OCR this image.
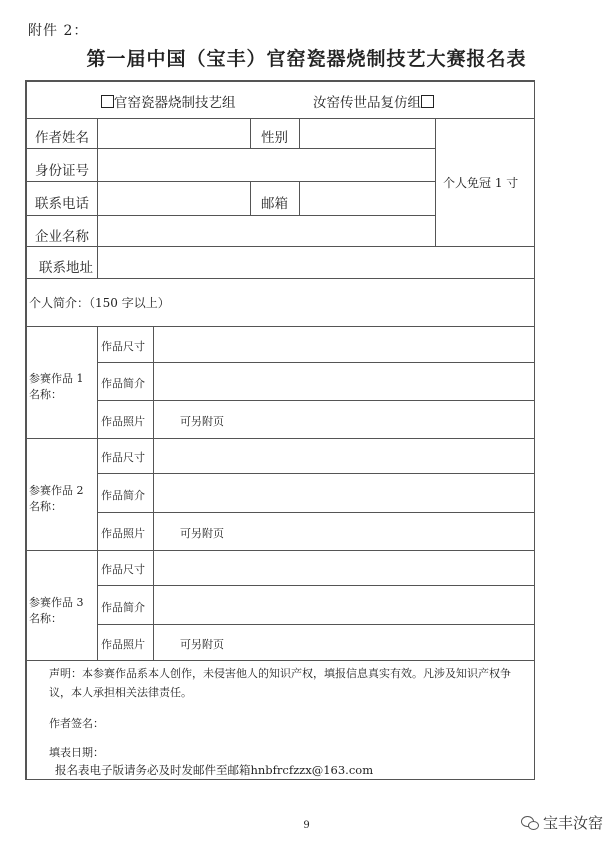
附件 2：
第一届中国（宝丰）官窑瓷器烧制技艺大赛报名表
官窑瓷器烧制技艺组	汝窑传世品复仿组
作者姓名	性别
身份证号
联系电话	邮箱
企业名称
联系地址
个人免冠 1 寸
个人简介：（150 字以上）
参赛作品 1
名称：
作品尺寸
作品简介
作品照片	可另附页
参赛作品 2
名称：
作品尺寸
作品简介
作品照片	可另附页
参赛作品 3
名称：
作品尺寸
作品简介
作品照片	可另附页
声明：本参赛作品系本人创作，未侵害他人的知识产权，填报信息真实有效。凡涉及知识产权争议，本人承担相关法律责任。
作者签名：
填表日期：
报名表电子版请务必及时发邮件至邮箱hnbfrcfzzx@163.com
9	宝丰汝窑
